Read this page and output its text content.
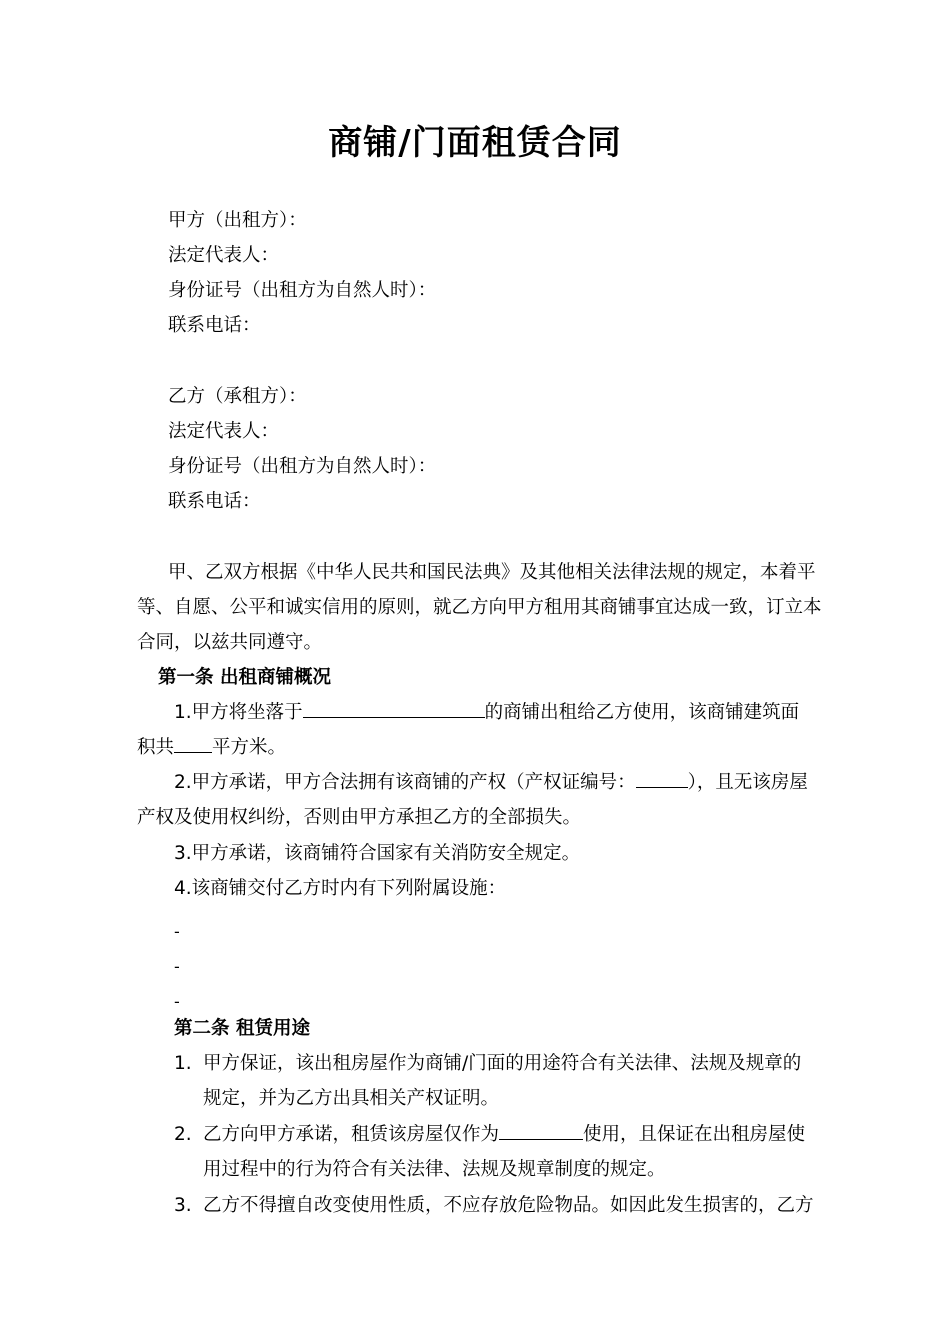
商铺/门面租赁合同
甲方（出租方）：
法定代表人：
身份证号（出租方为自然人时）：
联系电话：
乙方（承租方）：
法定代表人：
身份证号（出租方为自然人时）：
联系电话：
甲、乙双方根据《中华人民共和国民法典》及其他相关法律法规的规定，本着平
等、自愿、公平和诚实信用的原则，就乙方向甲方租用其商铺事宜达成一致，订立本
合同，以兹共同遵守。
第一条 出租商铺概况
1.甲方将坐落于	的商铺出租给乙方使用，该商铺建筑面
积共 平方米。
2.甲方承诺，甲方合法拥有该商铺的产权（产权证编号：	），且无该房屋
产权及使用权纠纷，否则由甲方承担乙方的全部损失。
3.甲方承诺，该商铺符合国家有关消防安全规定。
4.该商铺交付乙方时内有下列附属设施：
-
-
-
第二条 租赁用途
1. 甲方保证，该出租房屋作为商铺/门面的用途符合有关法律、法规及规章的
规定，并为乙方出具相关产权证明。
2. 乙方向甲方承诺，租赁该房屋仅作为	使用，且保证在出租房屋使
用过程中的行为符合有关法律、法规及规章制度的规定。
3. 乙方不得擅自改变使用性质，不应存放危险物品。如因此发生损害的，乙方
